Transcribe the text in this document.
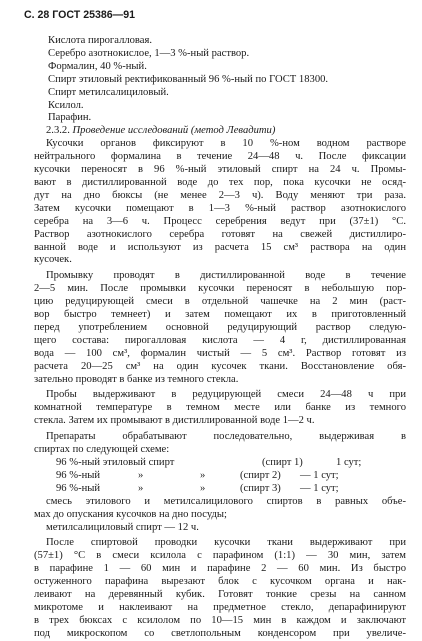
С. 28 ГОСТ 25386—91
Кислота пирогалловая.
Серебро азотнокислое, 1—3 %-ный раствор.
Формалин, 40 %-ный.
Спирт этиловый ректификованный 96 %-ный по ГОСТ 18300.
Спирт метилсалициловый.
Ксилол.
Парафин.
2.3.2. Проведение исследований (метод Левадити)
Кусочки органов фиксируют в 10 %-ном водном растворе
нейтрального формалина в течение 24—48 ч. После фиксации
кусочки переносят в 96 %-ный этиловый спирт на 24 ч. Промы-
вают в дистиллированной воде до тех пор, пока кусочки не осяд-
дут на дно бюксы (не менее 2—3 ч). Воду меняют три раза.
Затем кусочки помещают в 1—3 %-ный раствор азотнокислого
серебра на 3—6 ч. Процесс серебрения ведут при (37±1) °С.
Раствор азотнокислого серебра готовят на свежей дистиллиро-
ванной воде и используют из расчета 15 см³ раствора на один
кусочек.
Промывку проводят в дистиллированной воде в течение
2—5 мин. После промывки кусочки переносят в небольшую пор-
цию редуцирующей смеси в отдельной чашечке на 2 мин (раст-
вор быстро темнеет) и затем помещают их в приготовленный
перед употреблением основной редуцирующий раствор следую-
щего состава: пирогалловая кислота — 4 г, дистиллированная
вода — 100 см³, формалин чистый — 5 см³. Раствор готовят из
расчета 20—25 см³ на один кусочек ткани. Восстановление обя-
зательно проводят в банке из темного стекла.
Пробы выдерживают в редуцирующей смеси 24—48 ч при
комнатной температуре в темном месте или банке из темного
стекла. Затем их промывают в дистиллированной воде 1—2 ч.
Препараты обрабатывают последовательно, выдерживая в
спиртах по следующей схеме:
96 %-ный этиловый спирт	(спирт 1)	1 сут;
96 %-ный	»	»	(спирт 2) — 1 сут;
96 %-ный	»	»	(спирт 3) — 1 сут;
смесь этилового и метилсалицилового спиртов в равных объе-
мах до опускания кусочков на дно посуды;
метилсалициловый спирт — 12 ч.
После спиртовой проводки кусочки ткани выдерживают при
(57±1) °С в смеси ксилола с парафином (1:1) — 30 мин, затем
в парафине 1 — 60 мин и парафине 2 — 60 мин. Из быстро
остуженного парафина вырезают блок с кусочком органа и нак-
леивают на деревянный кубик. Готовят тонкие срезы на санном
микротоме и наклеивают на предметное стекло, депарафинируют
в трех бюксах с ксилолом по 10—15 мин в каждом и заключают
под микроскопом со светлопольным конденсором при увеличе-
